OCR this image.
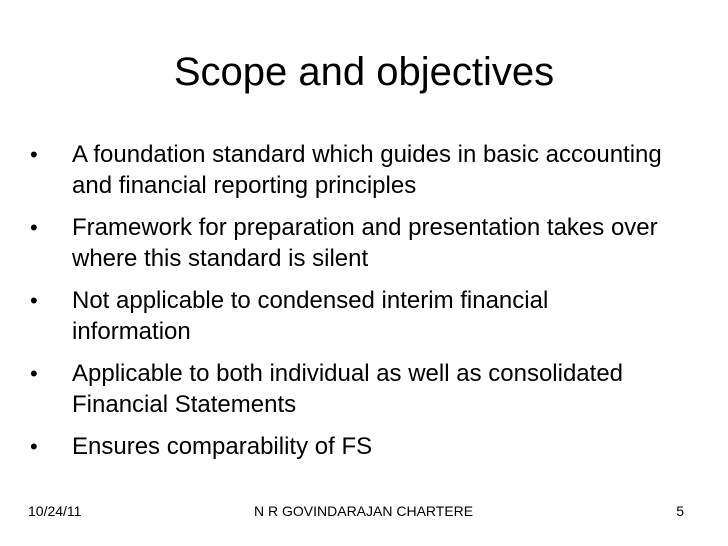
Scope and objectives
• A foundation standard which guides in basic accounting and financial reporting principles
• Framework for preparation and presentation takes over where this standard is silent
• Not applicable to condensed interim financial information
• Applicable to both individual as well as consolidated Financial Statements
• Ensures comparability of FS
10/24/11	N R GOVINDARAJAN CHARTERE	5
